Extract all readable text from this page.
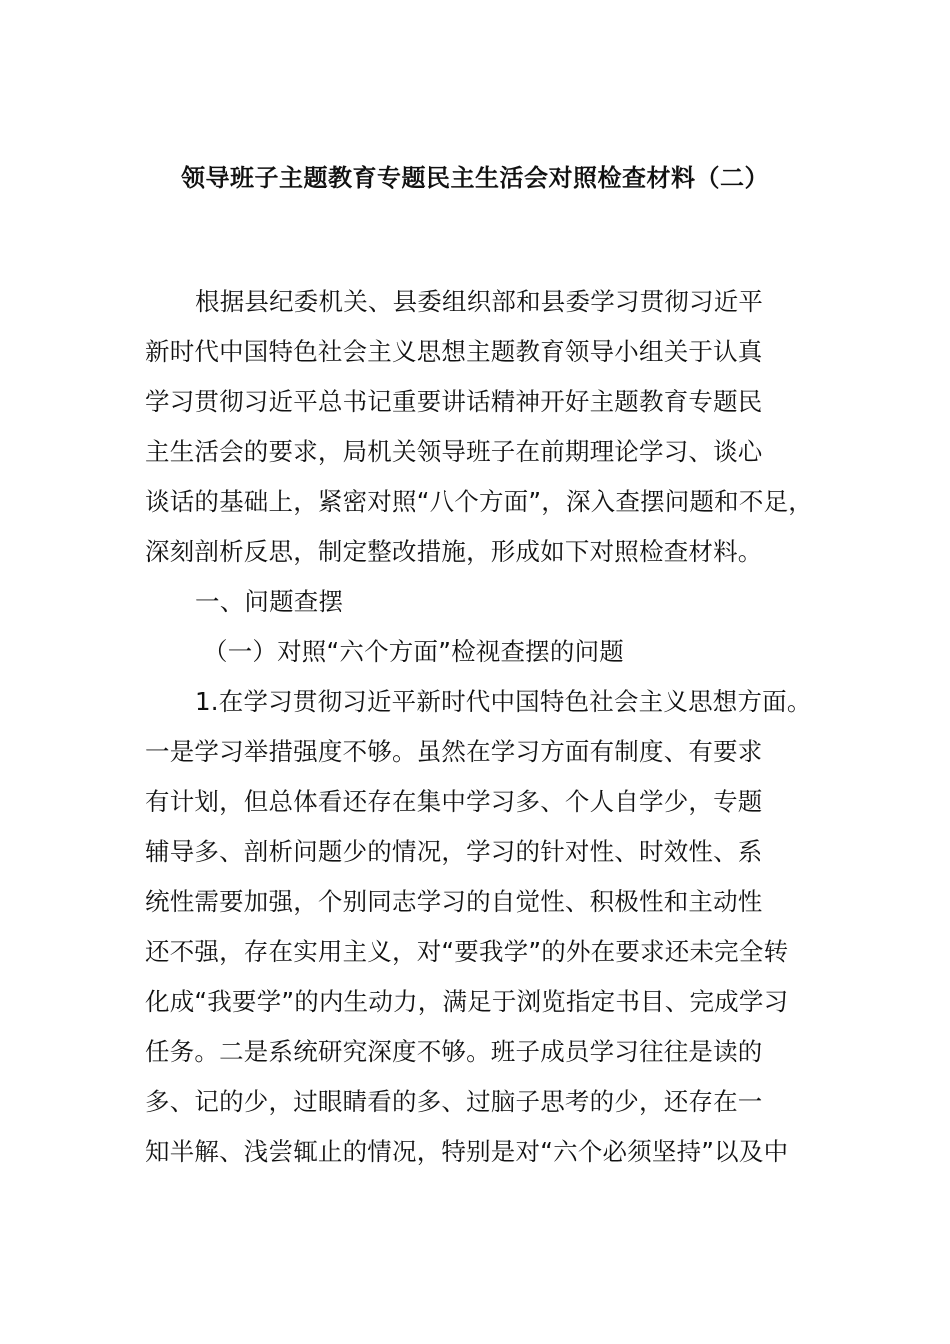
领导班子主题教育专题民主生活会对照检查材料（二）
根据县纪委机关、县委组织部和县委学习贯彻习近平
新时代中国特色社会主义思想主题教育领导小组关于认真
学习贯彻习近平总书记重要讲话精神开好主题教育专题民
主生活会的要求，局机关领导班子在前期理论学习、谈心
谈话的基础上，紧密对照“八个方面”，深入查摆问题和不足，
深刻剖析反思，制定整改措施，形成如下对照检查材料。
一、问题查摆
（一）对照“六个方面”检视查摆的问题
1.在学习贯彻习近平新时代中国特色社会主义思想方面。
一是学习举措强度不够。虽然在学习方面有制度、有要求
有计划，但总体看还存在集中学习多、个人自学少，专题
辅导多、剖析问题少的情况，学习的针对性、时效性、系
统性需要加强，个别同志学习的自觉性、积极性和主动性
还不强，存在实用主义，对“要我学”的外在要求还未完全转
化成“我要学”的内生动力，满足于浏览指定书目、完成学习
任务。二是系统研究深度不够。班子成员学习往往是读的
多、记的少，过眼睛看的多、过脑子思考的少，还存在一
知半解、浅尝辄止的情况，特别是对“六个必须坚持”以及中
